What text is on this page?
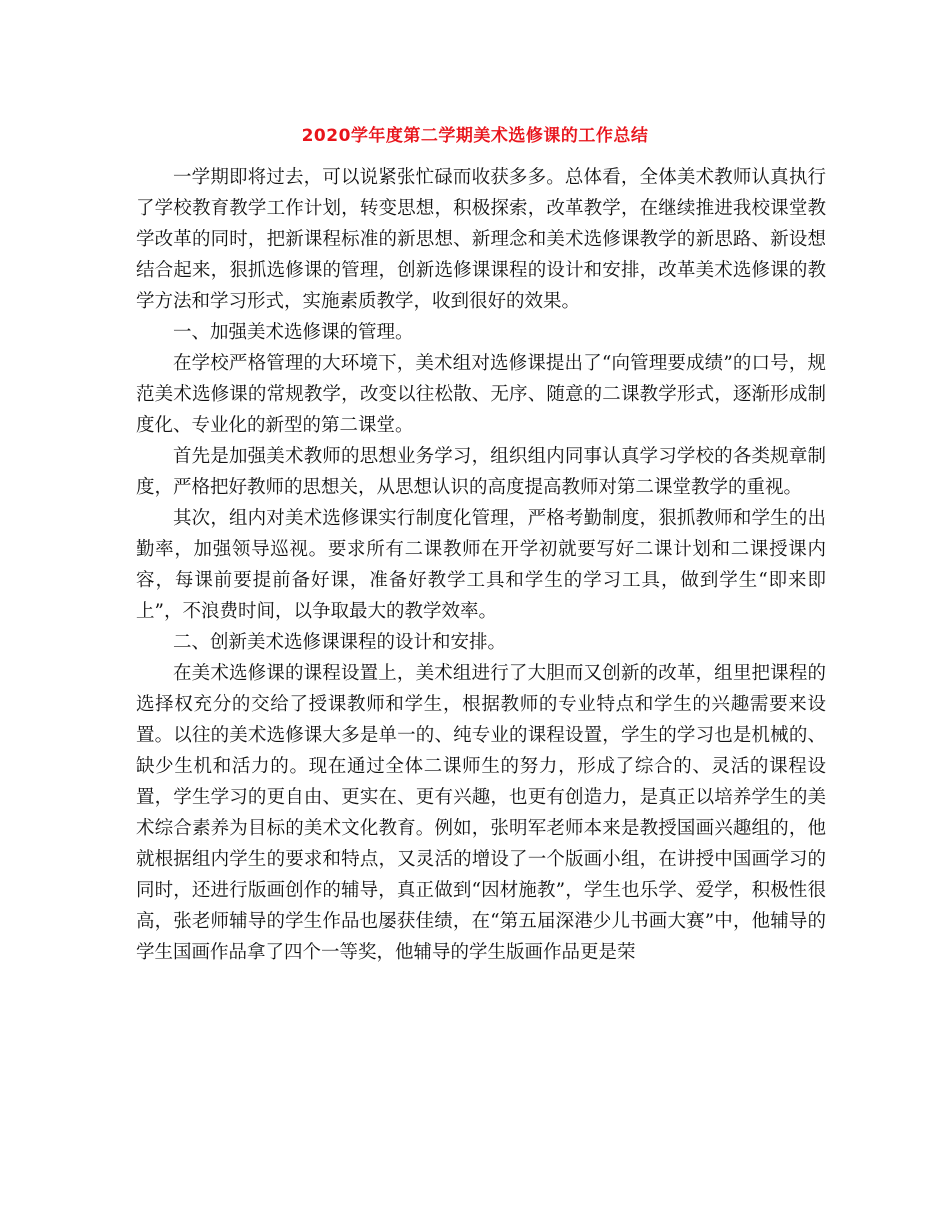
2020学年度第二学期美术选修课的工作总结

一学期即将过去，可以说紧张忙碌而收获多多。总体看，全体美术教师认真执行了学校教育教学工作计划，转变思想，积极探索，改革教学，在继续推进我校课堂教学改革的同时，把新课程标准的新思想、新理念和美术选修课教学的新思路、新设想结合起来，狠抓选修课的管理，创新选修课课程的设计和安排，改革美术选修课的教学方法和学习形式，实施素质教学，收到很好的效果。

一、加强美术选修课的管理。

在学校严格管理的大环境下，美术组对选修课提出了“向管理要成绩”的口号，规范美术选修课的常规教学，改变以往松散、无序、随意的二课教学形式，逐渐形成制度化、专业化的新型的第二课堂。

首先是加强美术教师的思想业务学习，组织组内同事认真学习学校的各类规章制度，严格把好教师的思想关，从思想认识的高度提高教师对第二课堂教学的重视。

其次，组内对美术选修课实行制度化管理，严格考勤制度，狠抓教师和学生的出勤率，加强领导巡视。要求所有二课教师在开学初就要写好二课计划和二课授课内容，每课前要提前备好课，准备好教学工具和学生的学习工具，做到学生“即来即上”，不浪费时间，以争取最大的教学效率。

二、创新美术选修课课程的设计和安排。

在美术选修课的课程设置上，美术组进行了大胆而又创新的改革，组里把课程的选择权充分的交给了授课教师和学生，根据教师的专业特点和学生的兴趣需要来设置。以往的美术选修课大多是单一的、纯专业的课程设置，学生的学习也是机械的、缺少生机和活力的。现在通过全体二课师生的努力，形成了综合的、灵活的课程设置，学生学习的更自由、更实在、更有兴趣，也更有创造力，是真正以培养学生的美术综合素养为目标的美术文化教育。例如，张明军老师本来是教授国画兴趣组的，他就根据组内学生的要求和特点，又灵活的增设了一个版画小组，在讲授中国画学习的同时，还进行版画创作的辅导，真正做到“因材施教”，学生也乐学、爱学，积极性很高，张老师辅导的学生作品也屡获佳绩，在“第五届深港少儿书画大赛”中，他辅导的学生国画作品拿了四个一等奖，他辅导的学生版画作品更是荣
